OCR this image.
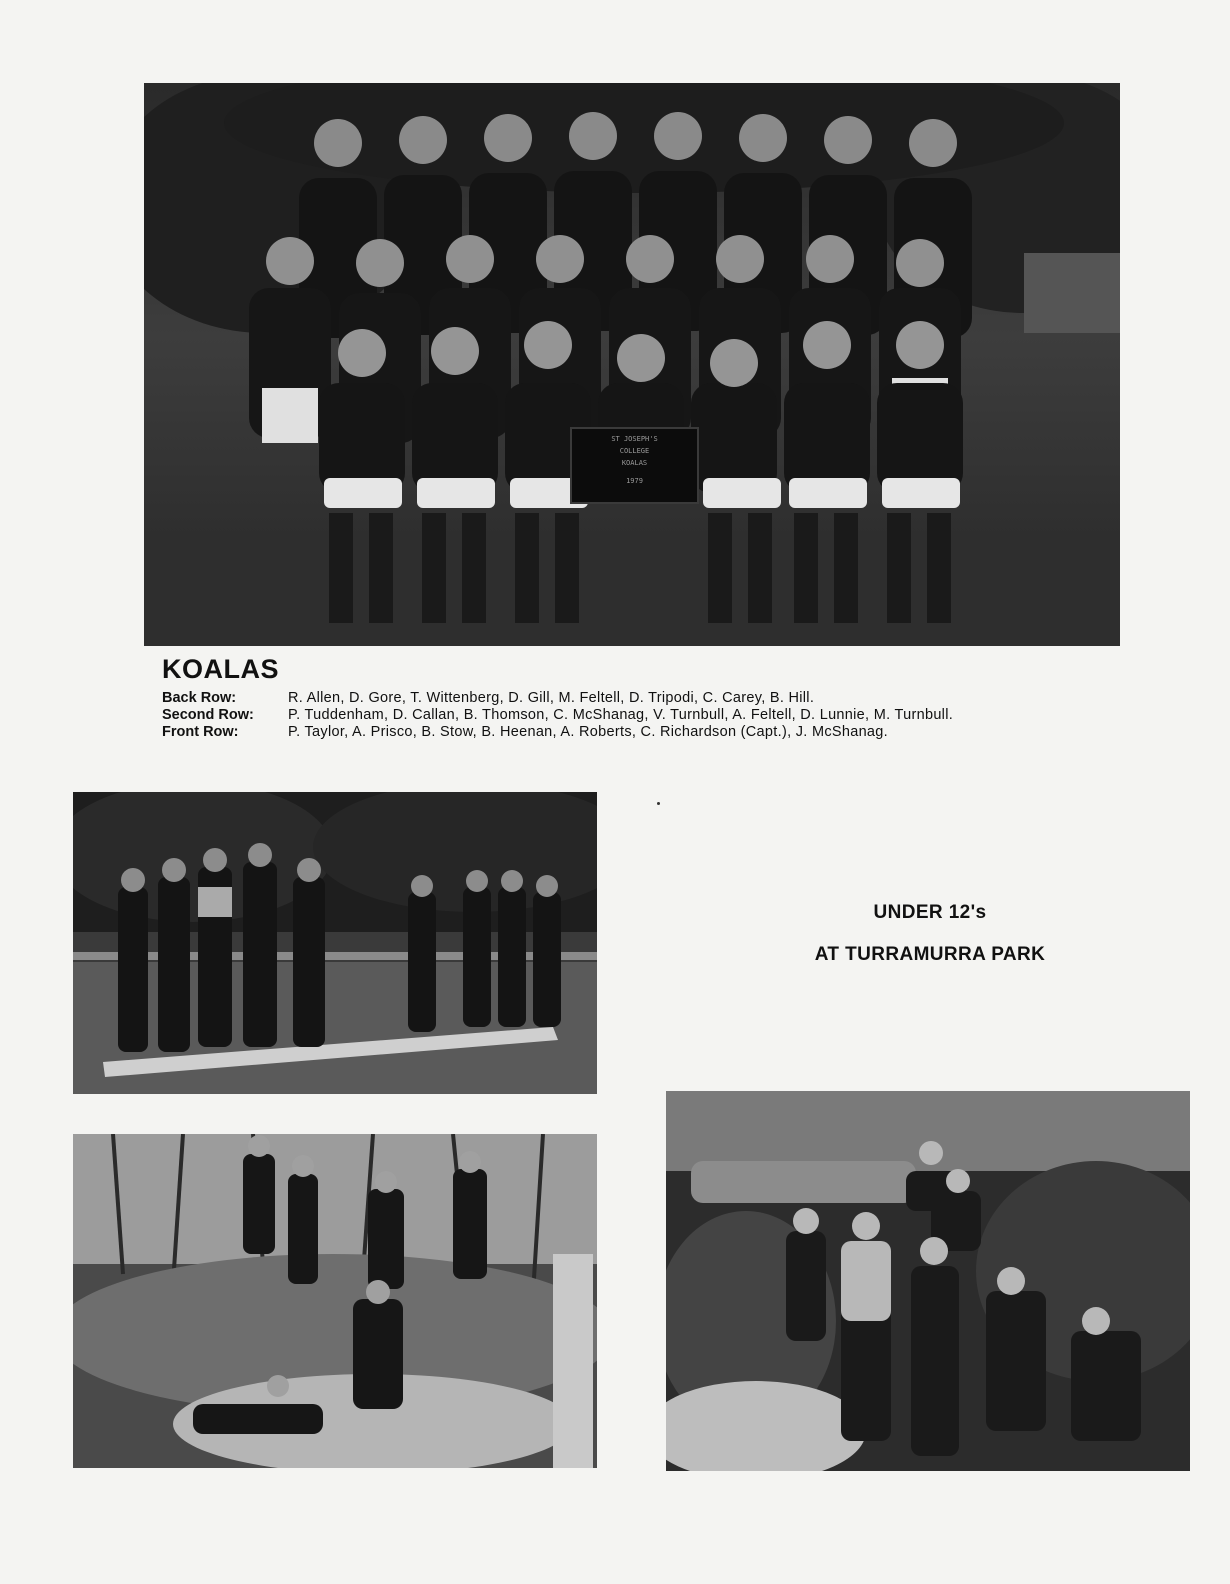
ST JOSEPH'S
COLLEGE
KOALAS
1979
KOALAS
Back Row:	R. Allen, D. Gore, T. Wittenberg, D. Gill, M. Feltell, D. Tripodi, C. Carey, B. Hill.
Second Row:	P. Tuddenham, D. Callan, B. Thomson, C. McShanag, V. Turnbull, A. Feltell, D. Lunnie, M. Turnbull.
Front Row:	P. Taylor, A. Prisco, B. Stow, B. Heenan, A. Roberts, C. Richardson (Capt.), J. McShanag.
UNDER 12's
AT TURRAMURRA PARK
